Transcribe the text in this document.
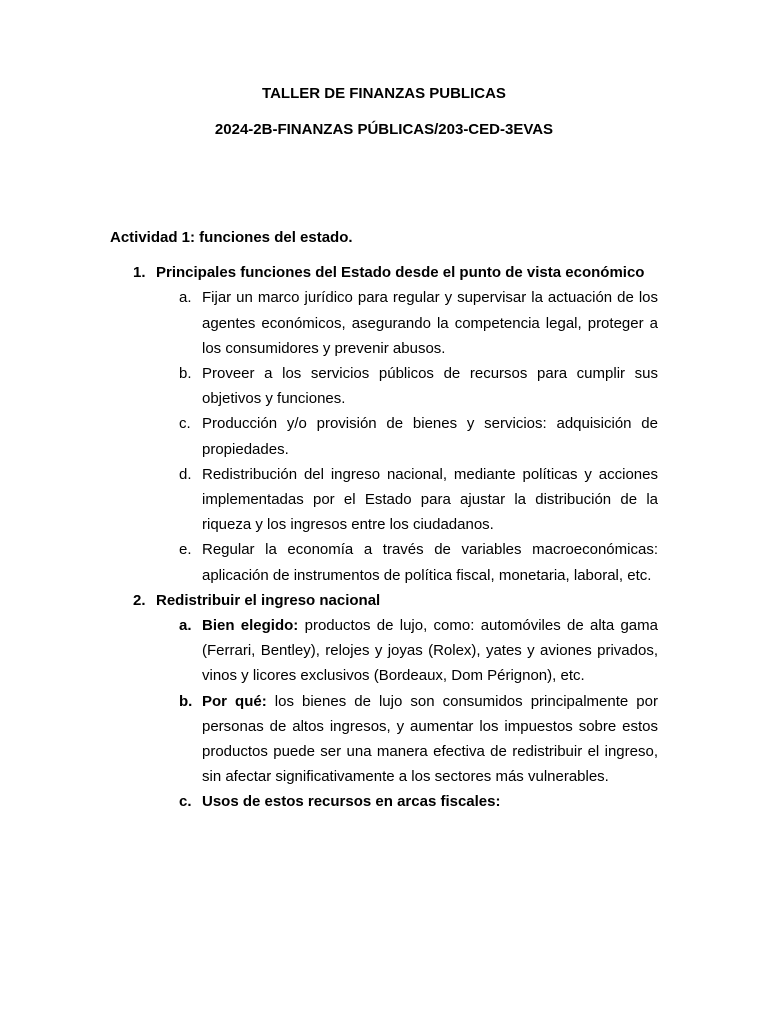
TALLER DE FINANZAS PUBLICAS
2024-2B-FINANZAS PÚBLICAS/203-CED-3EVAS
Actividad 1: funciones del estado.
1. Principales funciones del Estado desde el punto de vista económico
a. Fijar un marco jurídico para regular y supervisar la actuación de los agentes económicos, asegurando la competencia legal, proteger a los consumidores y prevenir abusos.
b. Proveer a los servicios públicos de recursos para cumplir sus objetivos y funciones.
c. Producción y/o provisión de bienes y servicios: adquisición de propiedades.
d. Redistribución del ingreso nacional, mediante políticas y acciones implementadas por el Estado para ajustar la distribución de la riqueza y los ingresos entre los ciudadanos.
e. Regular la economía a través de variables macroeconómicas: aplicación de instrumentos de política fiscal, monetaria, laboral, etc.
2. Redistribuir el ingreso nacional
a. Bien elegido: productos de lujo, como: automóviles de alta gama (Ferrari, Bentley), relojes y joyas (Rolex), yates y aviones privados, vinos y licores exclusivos (Bordeaux, Dom Pérignon), etc.
b. Por qué: los bienes de lujo son consumidos principalmente por personas de altos ingresos, y aumentar los impuestos sobre estos productos puede ser una manera efectiva de redistribuir el ingreso, sin afectar significativamente a los sectores más vulnerables.
c. Usos de estos recursos en arcas fiscales:
